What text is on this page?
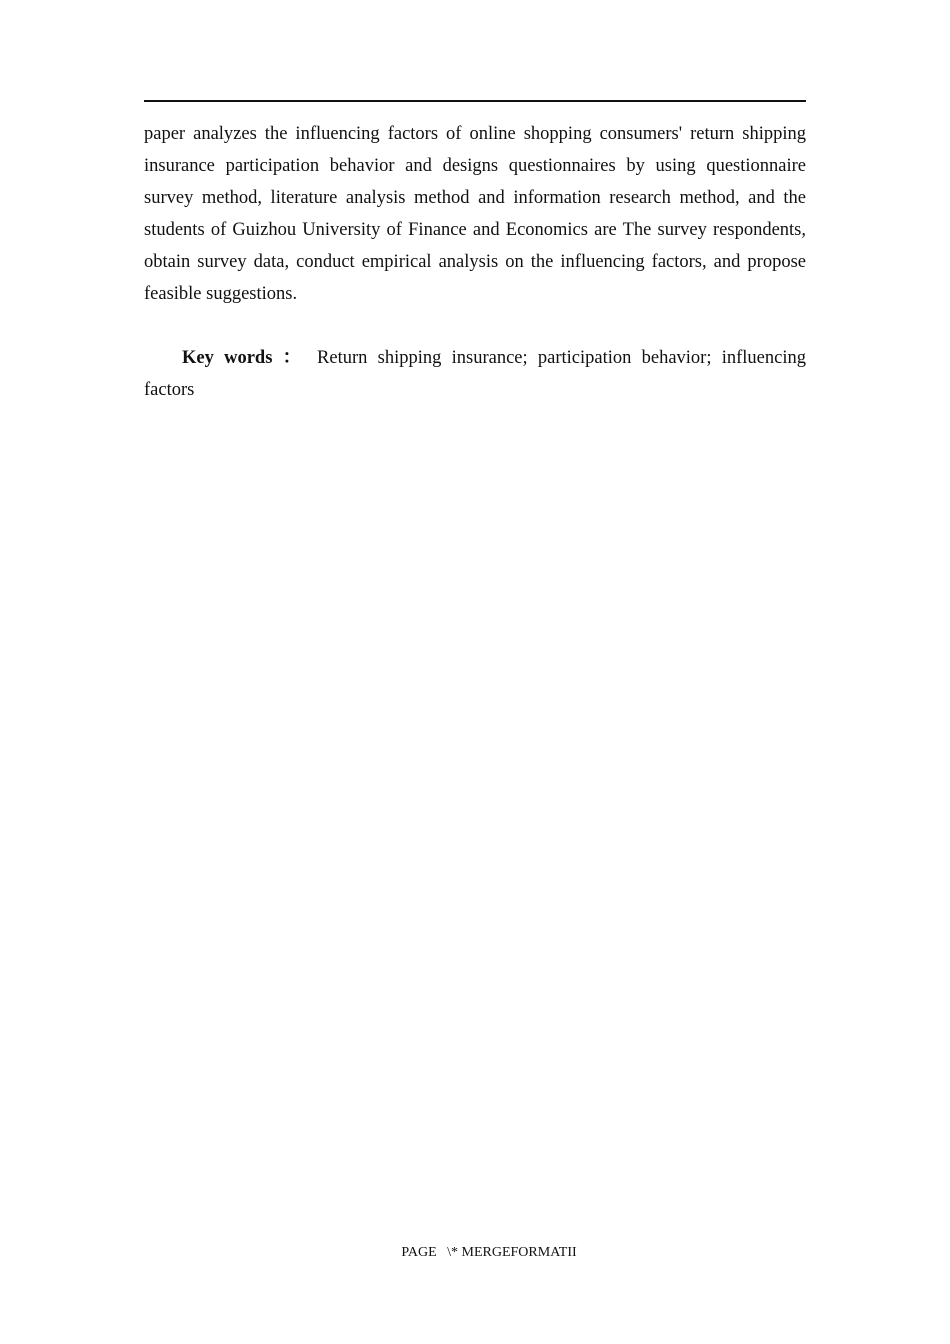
paper analyzes the influencing factors of online shopping consumers' return shipping insurance participation behavior and designs questionnaires by using questionnaire survey method, literature analysis method and information research method, and the students of Guizhou University of Finance and Economics are The survey respondents, obtain survey data, conduct empirical analysis on the influencing factors, and propose feasible suggestions.

Key words ： Return shipping insurance; participation behavior; influencing factors

PAGE   \* MERGEFORMATII
